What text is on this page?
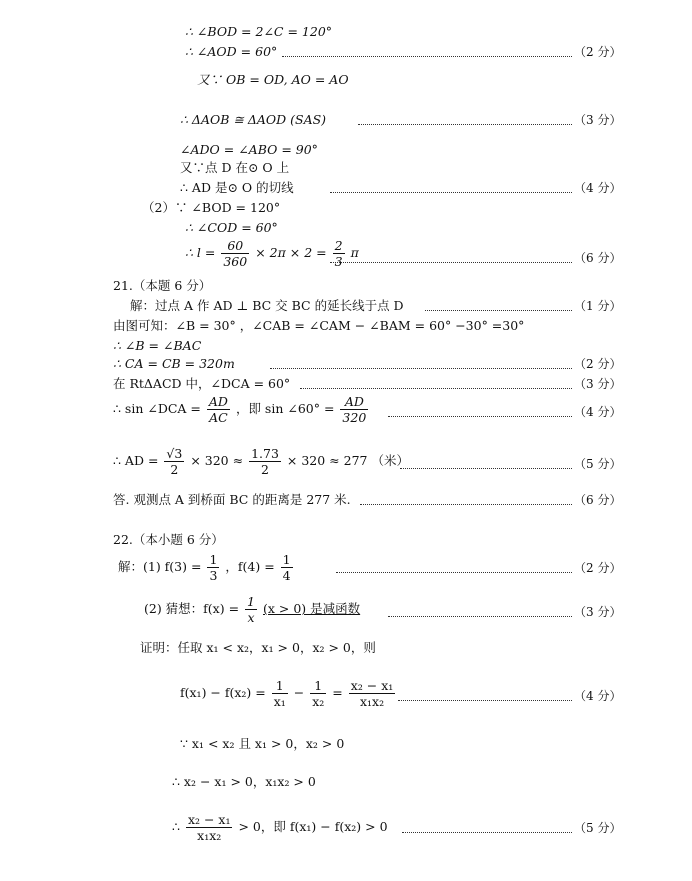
∴ ∠BOD = 2∠C = 120°
∴ ∠AOD = 60°	（2 分）
又∵ OB = OD, AO = AO
∴ ΔAOB ≅ ΔAOD (SAS)	（3 分）
∠ADO = ∠ABO = 90°
又∵点 D 在⊙ O 上
∴ AD 是⊙ O 的切线	（4 分）
（2）∵ ∠BOD = 120°
∴ ∠COD = 60°
∴ $l = \frac{60}{360} \times 2\pi \times 2 = \frac{2}{3}$ π	（6 分）
21.（本题 6 分）
解：过点 A 作 AD ⊥ BC 交 BC 的延长线于点 D	（1 分）
由图可知：∠B = 30° ，∠CAB = ∠CAM − ∠BAM = 60° −30° =30°
∴ ∠B = ∠BAC
∴ CA = CB = 320m	（2 分）
在 RtΔACD 中，∠DCA = 60°	（3 分）
∴ sin ∠DCA = $\frac{AD}{AC}$ ，即 sin ∠60° = $\frac{AD}{320}$	（4 分）
∴ AD = $\frac{√3}{2} \times 320 \approx \frac{1.73}{2} \times 320 \approx 277$ （米）	（5 分）
答. 观测点 A 到桥面 BC 的距离是 277 米.	（6 分）
22.（本小题 6 分）
解：(1) $f(3) = \frac{1}{3}$ ，$f(4) = \frac{1}{4}$	（2 分）
(2) 猜想：$f(x) = \frac{1}{x} (x > 0)$ 是减函数	（3 分）
证明：任取 x₁ < x₂，x₁ > 0，x₂ > 0，则
$f(x_1) - f(x_2) = \frac{1}{\text{x₁}} - \frac{1}{\text{x₂}} = \frac{\text{x₂ − x₁}}{\text{x₁x₂}}$	（4 分）
∵ x₁ < x₂ 且 x₁ > 0，x₂ > 0
∴ x₂ − x₁ > 0，x₁x₂ > 0
∴ $\frac{\text{x₂ − x₁}}{\text{x₁x₂}} > 0$，即 f(x₁) − f(x₂) > 0	（5 分）
